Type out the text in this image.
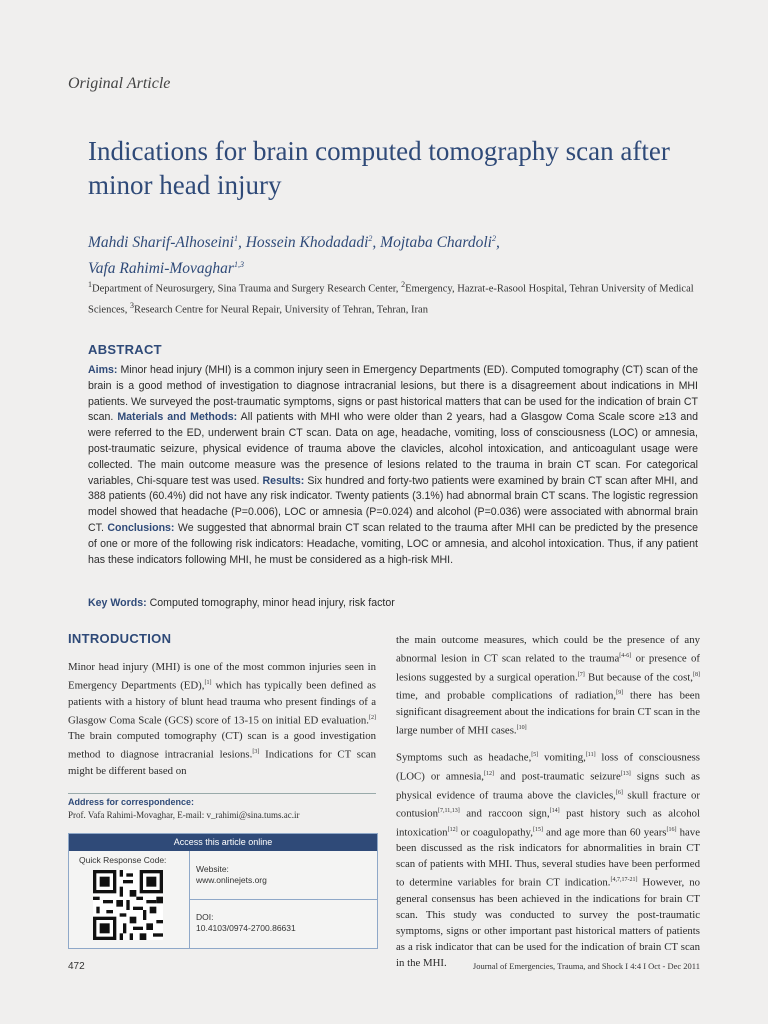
Original Article
Indications for brain computed tomography scan after minor head injury
Mahdi Sharif-Alhoseini$^1$, Hossein Khodadadi$^2$, Mojtaba Chardoli$^2$,
Vafa Rahimi-Movaghar$^{1,3}$
$^1$Department of Neurosurgery, Sina Trauma and Surgery Research Center, $^2$Emergency, Hazrat-e-Rasool Hospital, Tehran University of Medical Sciences, $^3$Research Centre for Neural Repair, University of Tehran, Tehran, Iran
ABSTRACT
Aims: Minor head injury (MHI) is a common injury seen in Emergency Departments (ED). Computed tomography (CT) scan of the brain is a good method of investigation to diagnose intracranial lesions, but there is a disagreement about indications in MHI patients. We surveyed the post-traumatic symptoms, signs or past historical matters that can be used for the indication of brain CT scan. Materials and Methods: All patients with MHI who were older than 2 years, had a Glasgow Coma Scale score ≥13 and were referred to the ED, underwent brain CT scan. Data on age, headache, vomiting, loss of consciousness (LOC) or amnesia, post-traumatic seizure, physical evidence of trauma above the clavicles, alcohol intoxication, and anticoagulant usage were collected. The main outcome measure was the presence of lesions related to the trauma in brain CT scan. For categorical variables, Chi-square test was used. Results: Six hundred and forty-two patients were examined by brain CT scan after MHI, and 388 patients (60.4%) did not have any risk indicator. Twenty patients (3.1%) had abnormal brain CT scans. The logistic regression model showed that headache (P=0.006), LOC or amnesia (P=0.024) and alcohol (P=0.036) were associated with abnormal brain CT. Conclusions: We suggested that abnormal brain CT scan related to the trauma after MHI can be predicted by the presence of one or more of the following risk indicators: Headache, vomiting, LOC or amnesia, and alcohol intoxication. Thus, if any patient has these indicators following MHI, he must be considered as a high-risk MHI.
Key Words: Computed tomography, minor head injury, risk factor
INTRODUCTION

Minor head injury (MHI) is one of the most common injuries seen in Emergency Departments (ED),[1] which has typically been defined as patients with a history of blunt head trauma who present findings of a Glasgow Coma Scale (GCS) score of 13-15 on initial ED evaluation.[2] The brain computed tomography (CT) scan is a good investigation method to diagnose intracranial lesions.[3] Indications for CT scan might be different based on

Address for correspondence:
Prof. Vafa Rahimi-Movaghar, E-mail: v_rahimi@sina.tums.ac.ir
Access this article online
Quick Response Code:
Website:
www.onlinejets.org
DOI:
10.4103/0974-2700.86631

the main outcome measures, which could be the presence of any abnormal lesion in CT scan related to the trauma[4-6] or presence of lesions suggested by a surgical operation.[7] But because of the cost,[8] time, and probable complications of radiation,[9] there has been significant disagreement about the indications for brain CT scan in the large number of MHI cases.[10]

Symptoms such as headache,[5] vomiting,[11] loss of consciousness (LOC) or amnesia,[12] and post-traumatic seizure[13] signs such as physical evidence of trauma above the clavicles,[6] skull fracture or contusion[7,11,13] and raccoon sign,[14] past history such as alcohol intoxication[12] or coagulopathy,[15] and age more than 60 years[16] have been discussed as the risk indicators for abnormalities in brain CT scan of patients with MHI. Thus, several studies have been performed to determine variables for brain CT indication.[4,7,17-21] However, no general consensus has been achieved in the indications for brain CT scan. This study was conducted to survey the post-traumatic symptoms, signs or other important past historical matters of patients as a risk indicator that can be used for the indication of brain CT scan in the MHI.

472	Journal of Emergencies, Trauma, and Shock I 4:4 I Oct - Dec 2011
